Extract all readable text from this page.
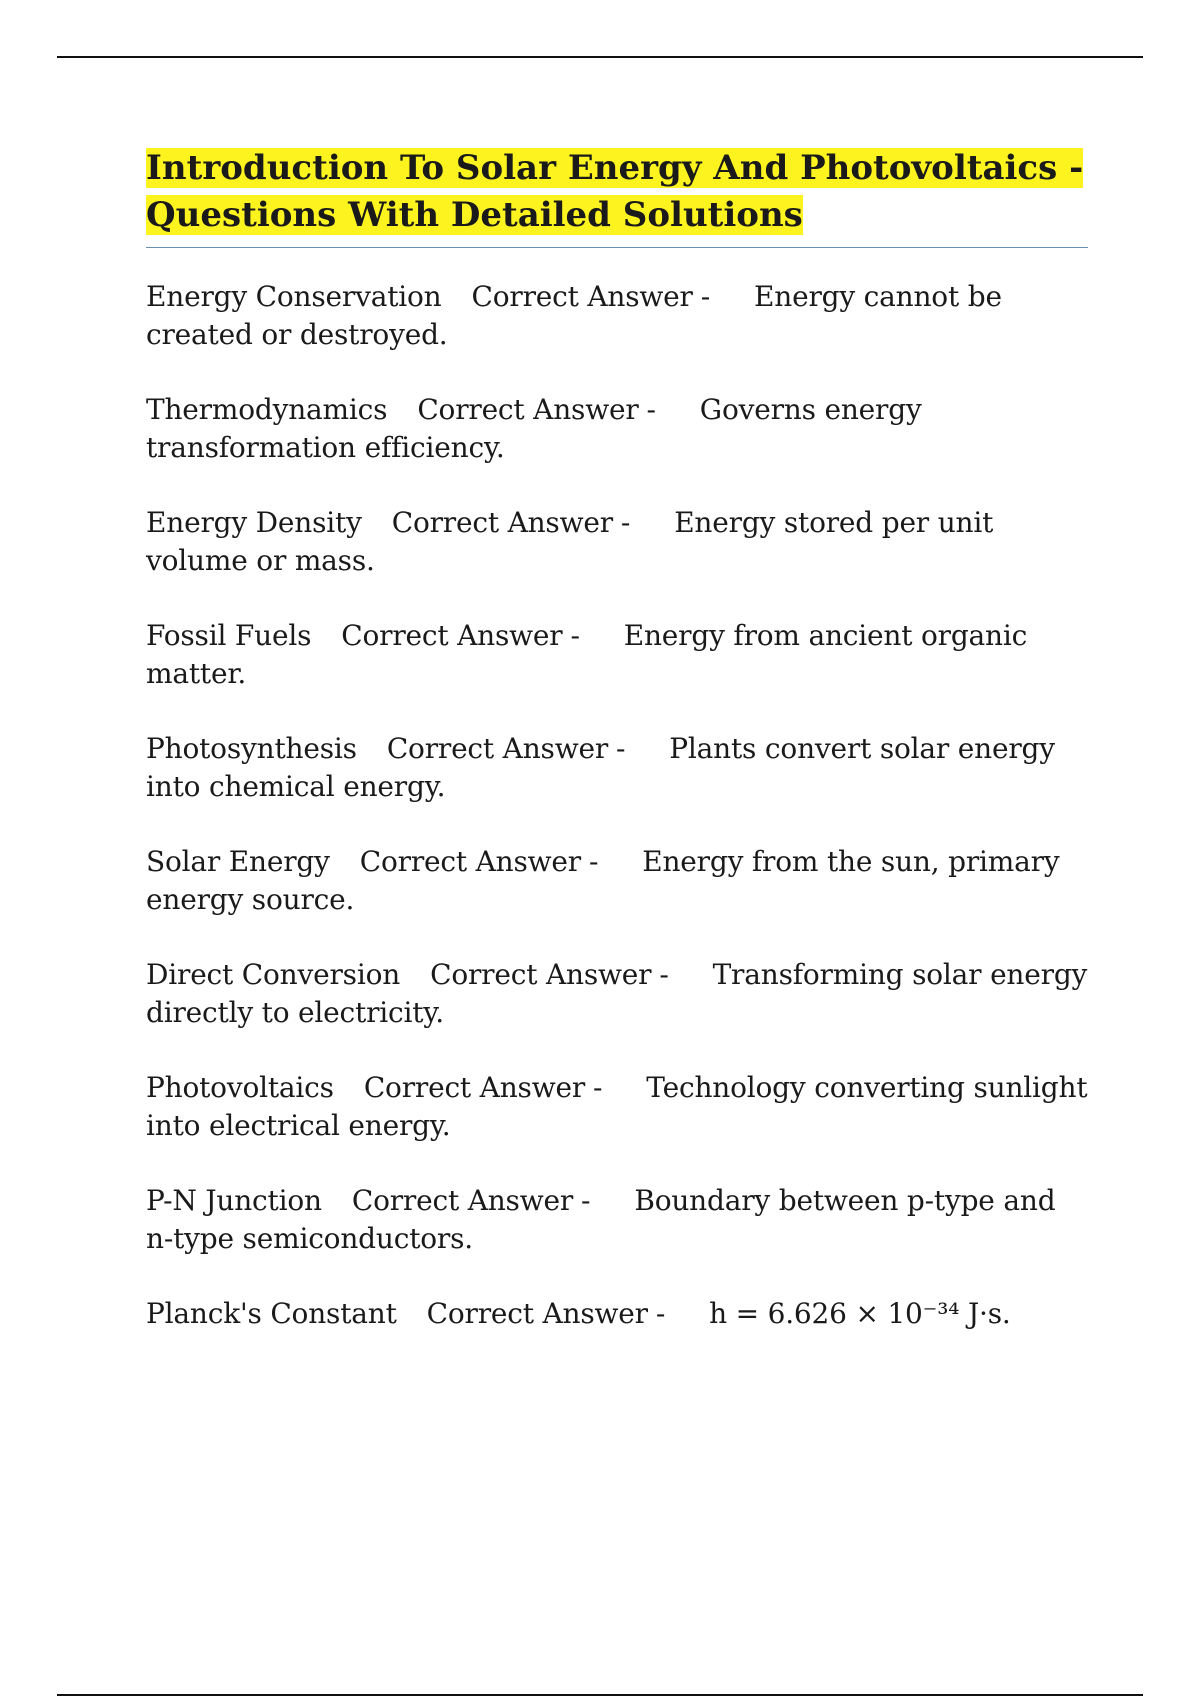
Introduction To Solar Energy And Photovoltaics -
Questions With Detailed Solutions
Energy Conservation Correct Answer - Energy cannot be created or destroyed.
Thermodynamics Correct Answer - Governs energy transformation efficiency.
Energy Density Correct Answer - Energy stored per unit volume or mass.
Fossil Fuels Correct Answer - Energy from ancient organic matter.
Photosynthesis Correct Answer - Plants convert solar energy into chemical energy.
Solar Energy Correct Answer - Energy from the sun, primary energy source.
Direct Conversion Correct Answer - Transforming solar energy directly to electricity.
Photovoltaics Correct Answer - Technology converting sunlight into electrical energy.
P-N Junction Correct Answer - Boundary between p-type and n-type semiconductors.
Planck's Constant Correct Answer - h = 6.626 × 10⁻³⁴ J·s.
